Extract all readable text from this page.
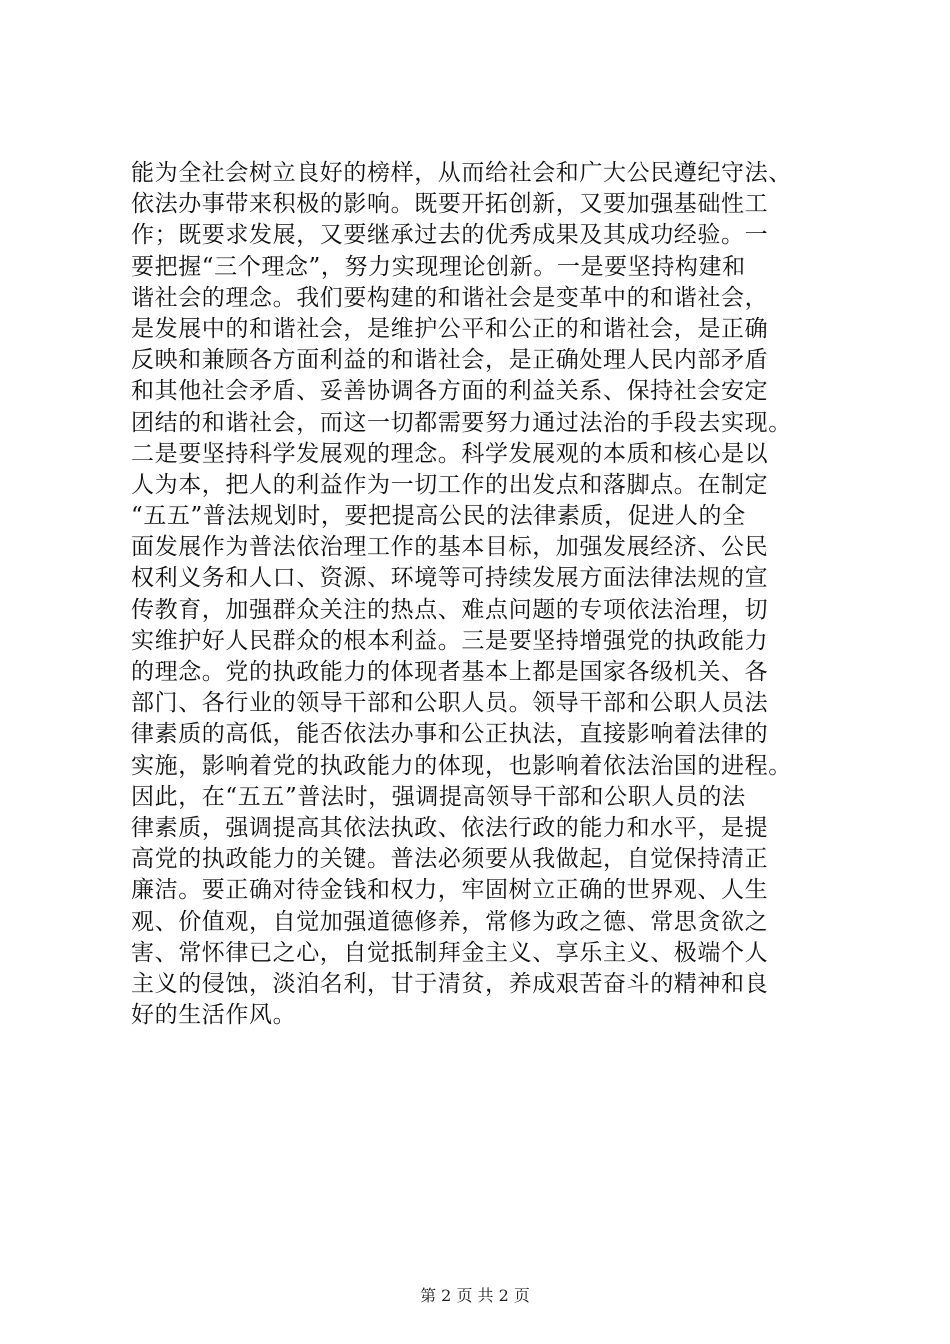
能为全社会树立良好的榜样，从而给社会和广大公民遵纪守法、
依法办事带来积极的影响。既要开拓创新，又要加强基础性工
作；既要求发展，又要继承过去的优秀成果及其成功经验。一
要把握“三个理念”，努力实现理论创新。一是要坚持构建和
谐社会的理念。我们要构建的和谐社会是变革中的和谐社会，
是发展中的和谐社会，是维护公平和公正的和谐社会，是正确
反映和兼顾各方面利益的和谐社会，是正确处理人民内部矛盾
和其他社会矛盾、妥善协调各方面的利益关系、保持社会安定
团结的和谐社会，而这一切都需要努力通过法治的手段去实现。
二是要坚持科学发展观的理念。科学发展观的本质和核心是以
人为本，把人的利益作为一切工作的出发点和落脚点。在制定
“五五”普法规划时，要把提高公民的法律素质，促进人的全
面发展作为普法依治理工作的基本目标，加强发展经济、公民
权利义务和人口、资源、环境等可持续发展方面法律法规的宣
传教育，加强群众关注的热点、难点问题的专项依法治理，切
实维护好人民群众的根本利益。三是要坚持增强党的执政能力
的理念。党的执政能力的体现者基本上都是国家各级机关、各
部门、各行业的领导干部和公职人员。领导干部和公职人员法
律素质的高低，能否依法办事和公正执法，直接影响着法律的
实施，影响着党的执政能力的体现，也影响着依法治国的进程。
因此，在“五五”普法时，强调提高领导干部和公职人员的法
律素质，强调提高其依法执政、依法行政的能力和水平，是提
高党的执政能力的关键。普法必须要从我做起，自觉保持清正
廉洁。要正确对待金钱和权力，牢固树立正确的世界观、人生
观、价值观，自觉加强道德修养，常修为政之德、常思贪欲之
害、常怀律已之心，自觉抵制拜金主义、享乐主义、极端个人
主义的侵蚀，淡泊名利，甘于清贫，养成艰苦奋斗的精神和良
好的生活作风。
第 2 页 共 2 页
